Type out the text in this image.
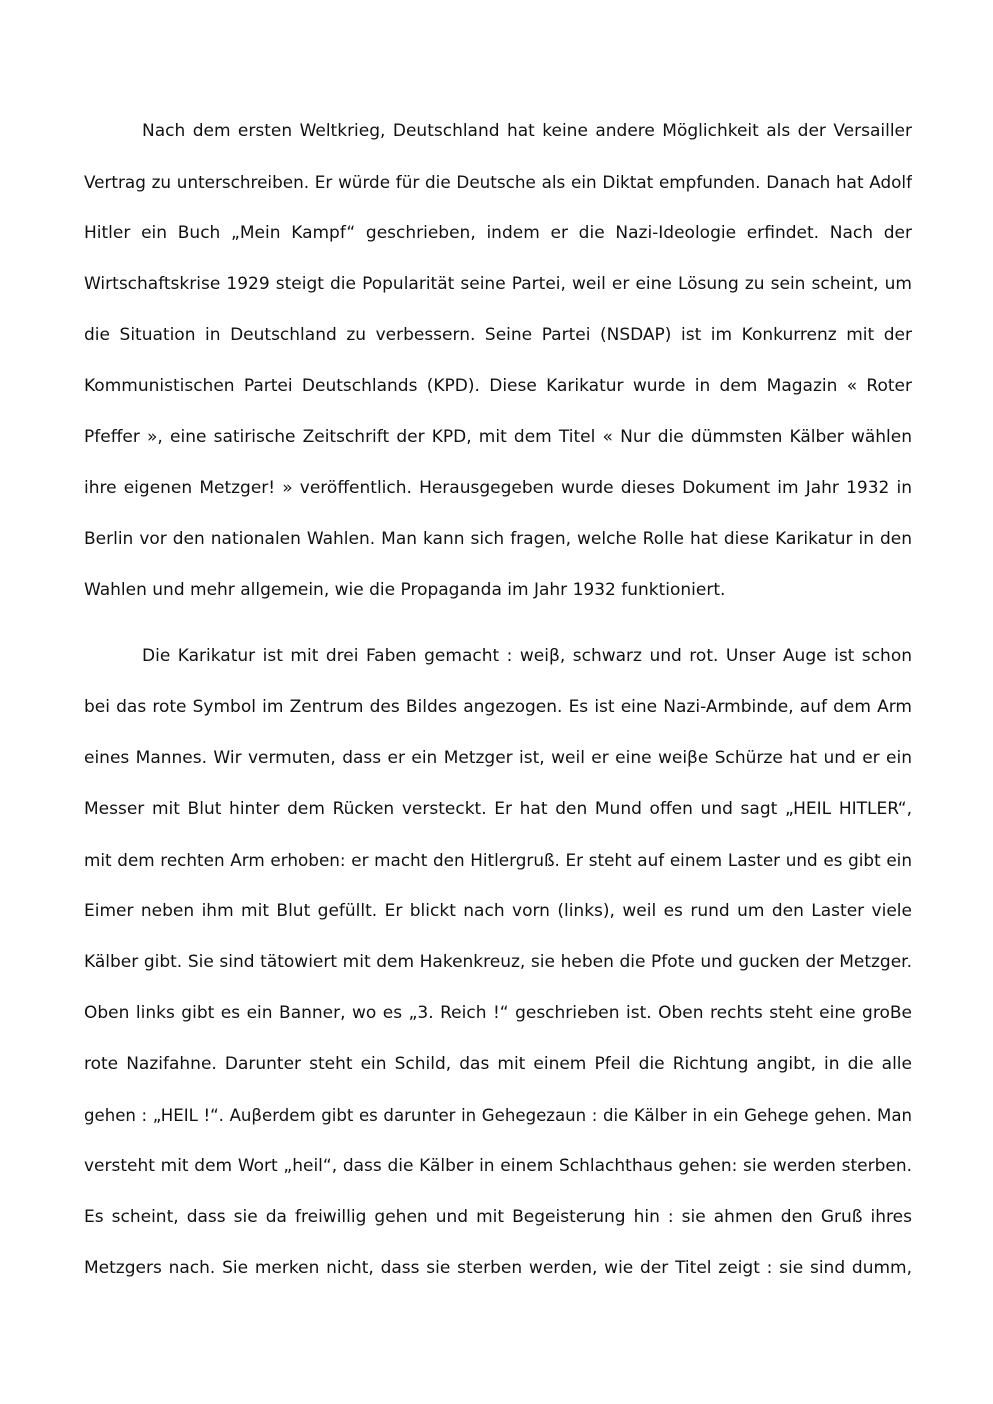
Nach dem ersten Weltkrieg, Deutschland hat keine andere Möglichkeit als der Versailler
Vertrag zu unterschreiben. Er würde für die Deutsche als ein Diktat empfunden. Danach hat Adolf
Hitler ein Buch „Mein Kampf“ geschrieben, indem er die Nazi-Ideologie erfindet. Nach der
Wirtschaftskrise 1929 steigt die Popularität seine Partei, weil er eine Lösung zu sein scheint, um
die Situation in Deutschland zu verbessern. Seine Partei (NSDAP) ist im Konkurrenz mit der
Kommunistischen Partei Deutschlands (KPD). Diese Karikatur wurde in dem Magazin « Roter
Pfeffer », eine satirische Zeitschrift der KPD, mit dem Titel « Nur die dümmsten Kälber wählen
ihre eigenen Metzger! » veröffentlich. Herausgegeben wurde dieses Dokument im Jahr 1932 in
Berlin vor den nationalen Wahlen. Man kann sich fragen, welche Rolle hat diese Karikatur in den
Wahlen und mehr allgemein, wie die Propaganda im Jahr 1932 funktioniert.
Die Karikatur ist mit drei Faben gemacht : weiβ, schwarz und rot. Unser Auge ist schon
bei das rote Symbol im Zentrum des Bildes angezogen. Es ist eine Nazi-Armbinde, auf dem Arm
eines Mannes. Wir vermuten, dass er ein Metzger ist, weil er eine weiβe Schürze hat und er ein
Messer mit Blut hinter dem Rücken versteckt. Er hat den Mund offen und sagt „HEIL HITLER“,
mit dem rechten Arm erhoben: er macht den Hitlergruß. Er steht auf einem Laster und es gibt ein
Eimer neben ihm mit Blut gefüllt. Er blickt nach vorn (links), weil es rund um den Laster viele
Kälber gibt. Sie sind tätowiert mit dem Hakenkreuz, sie heben die Pfote und gucken der Metzger.
Oben links gibt es ein Banner, wo es „3. Reich !“ geschrieben ist. Oben rechts steht eine groBe
rote Nazifahne. Darunter steht ein Schild, das mit einem Pfeil die Richtung angibt, in die alle
gehen : „HEIL !“. Auβerdem gibt es darunter in Gehegezaun : die Kälber in ein Gehege gehen. Man
versteht mit dem Wort „heil“, dass die Kälber in einem Schlachthaus gehen: sie werden sterben.
Es scheint, dass sie da freiwillig gehen und mit Begeisterung hin : sie ahmen den Gruß ihres
Metzgers nach. Sie merken nicht, dass sie sterben werden, wie der Titel zeigt : sie sind dumm,
